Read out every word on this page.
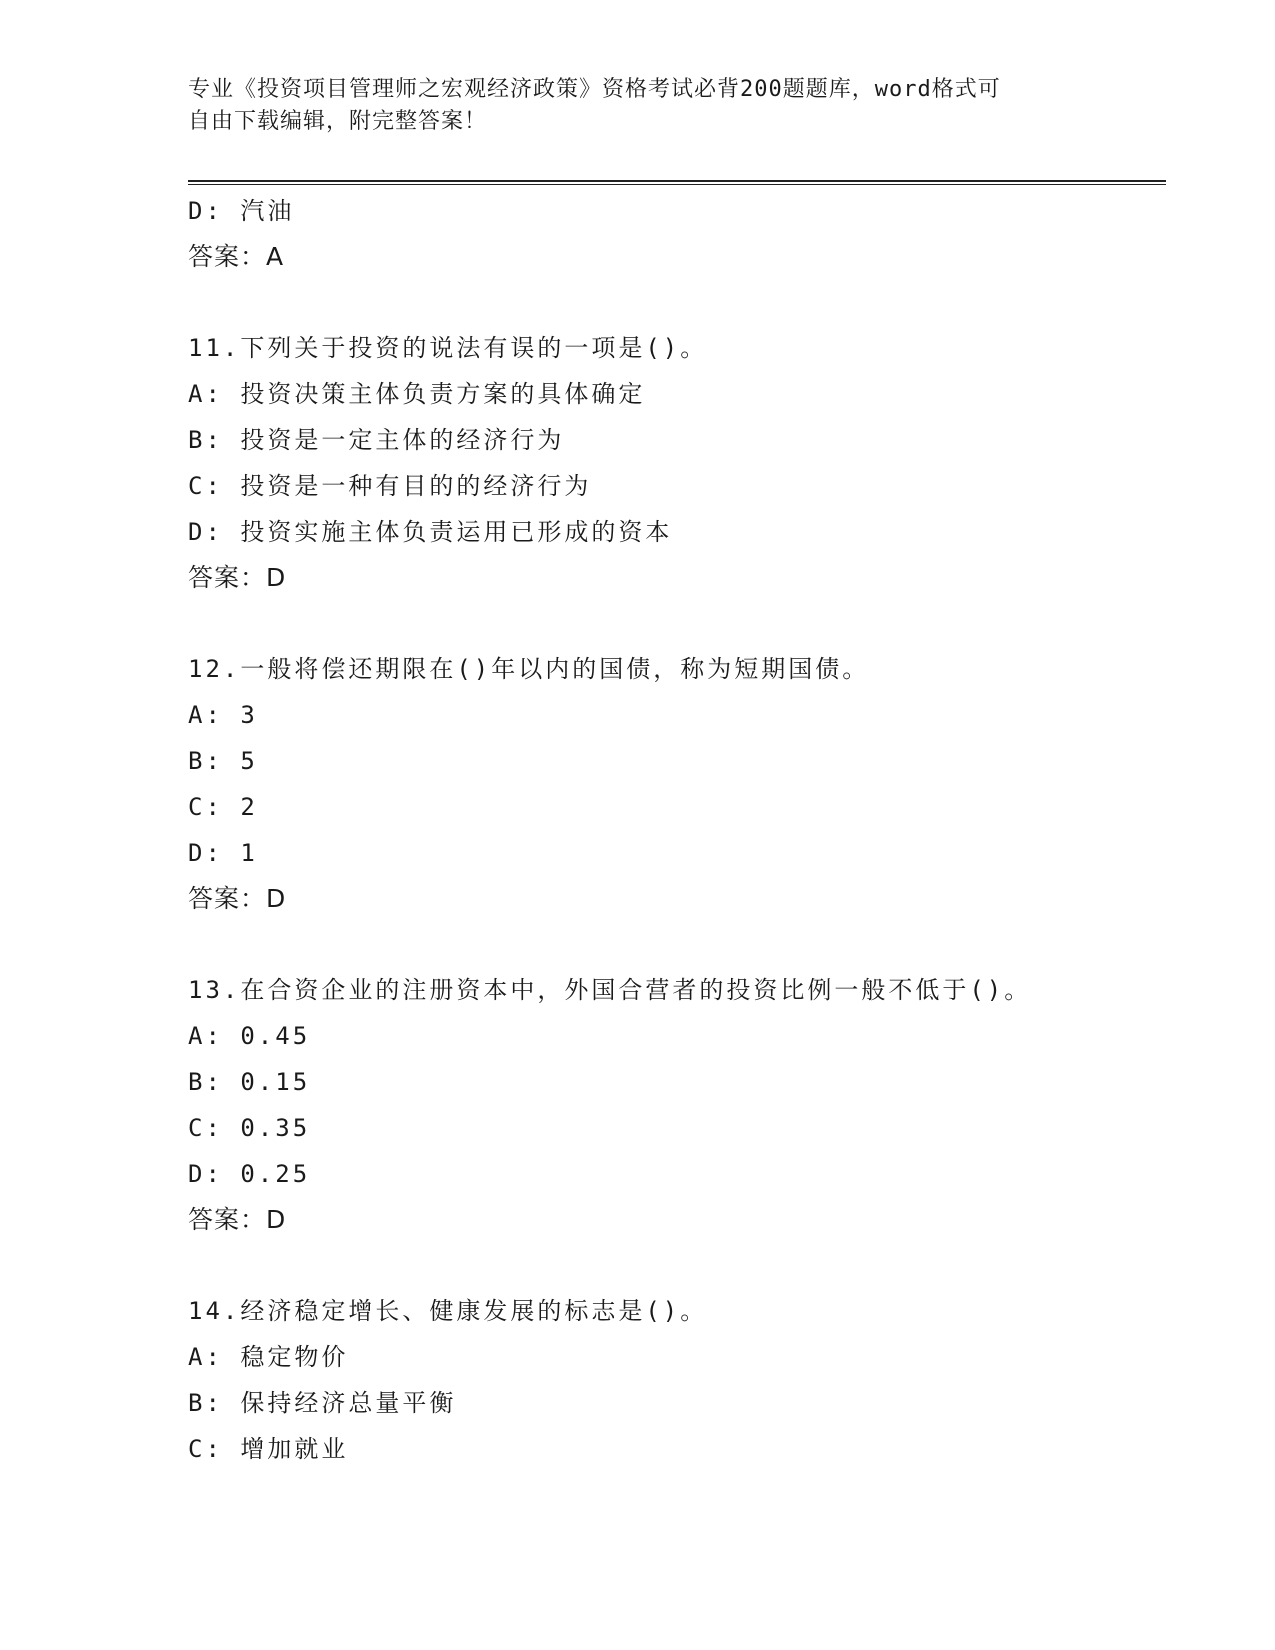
专业《投资项目管理师之宏观经济政策》资格考试必背200题题库，word格式可
自由下载编辑，附完整答案！
D: 汽油
答案：A
11.下列关于投资的说法有误的一项是()。
A: 投资决策主体负责方案的具体确定
B: 投资是一定主体的经济行为
C: 投资是一种有目的的经济行为
D: 投资实施主体负责运用已形成的资本
答案：D
12.一般将偿还期限在()年以内的国债，称为短期国债。
A: 3
B: 5
C: 2
D: 1
答案：D
13.在合资企业的注册资本中，外国合营者的投资比例一般不低于()。
A: 0.45
B: 0.15
C: 0.35
D: 0.25
答案：D
14.经济稳定增长、健康发展的标志是()。
A: 稳定物价
B: 保持经济总量平衡
C: 增加就业
